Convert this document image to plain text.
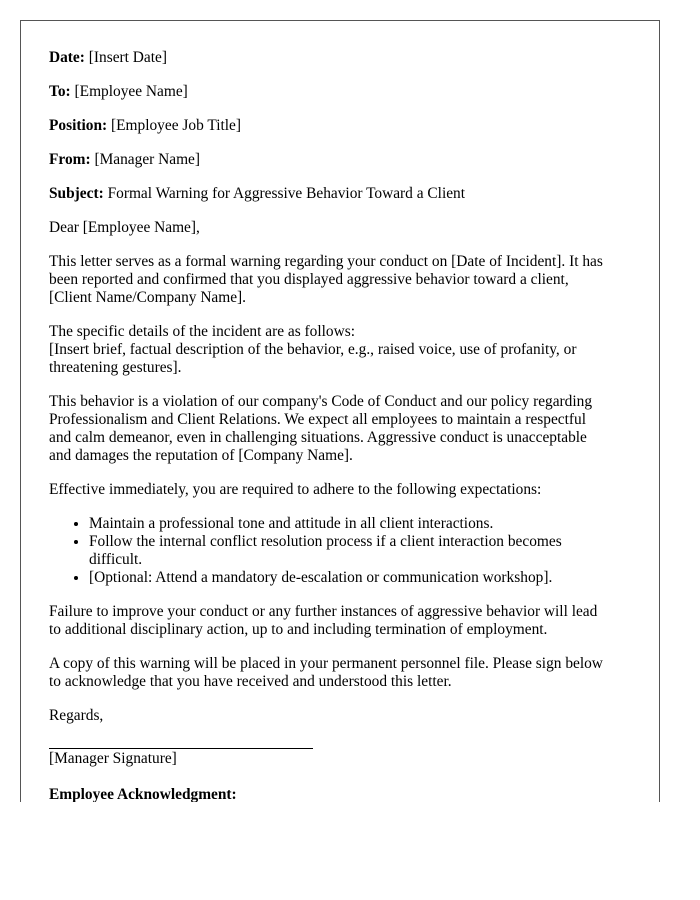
Date: [Insert Date]

To: [Employee Name]

Position: [Employee Job Title]

From: [Manager Name]

Subject: Formal Warning for Aggressive Behavior Toward a Client

Dear [Employee Name],

This letter serves as a formal warning regarding your conduct on [Date of Incident]. It has been reported and confirmed that you displayed aggressive behavior toward a client, [Client Name/Company Name].

The specific details of the incident are as follows:
[Insert brief, factual description of the behavior, e.g., raised voice, use of profanity, or threatening gestures].

This behavior is a violation of our company's Code of Conduct and our policy regarding Professionalism and Client Relations. We expect all employees to maintain a respectful and calm demeanor, even in challenging situations. Aggressive conduct is unacceptable and damages the reputation of [Company Name].

Effective immediately, you are required to adhere to the following expectations:

• Maintain a professional tone and attitude in all client interactions.
• Follow the internal conflict resolution process if a client interaction becomes difficult.
• [Optional: Attend a mandatory de-escalation or communication workshop].

Failure to improve your conduct or any further instances of aggressive behavior will lead to additional disciplinary action, up to and including termination of employment.

A copy of this warning will be placed in your permanent personnel file. Please sign below to acknowledge that you have received and understood this letter.

Regards,

[Manager Signature]
Employee Acknowledgment:
